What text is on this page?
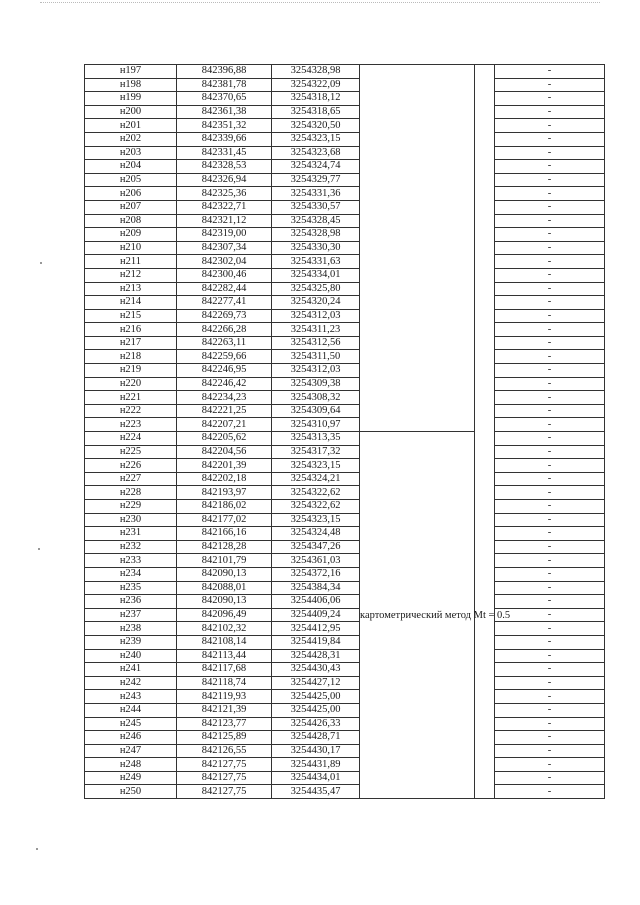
н197	842396,88	3254328,98			-
н198	842381,78	3254322,09			-
н199	842370,65	3254318,12			-
н200	842361,38	3254318,65			-
н201	842351,32	3254320,50			-
н202	842339,66	3254323,15			-
н203	842331,45	3254323,68			-
н204	842328,53	3254324,74			-
н205	842326,94	3254329,77			-
н206	842325,36	3254331,36			-
н207	842322,71	3254330,57			-
н208	842321,12	3254328,45			-
н209	842319,00	3254328,98			-
н210	842307,34	3254330,30			-
н211	842302,04	3254331,63			-
н212	842300,46	3254334,01			-
н213	842282,44	3254325,80			-
н214	842277,41	3254320,24			-
н215	842269,73	3254312,03			-
н216	842266,28	3254311,23			-
н217	842263,11	3254312,56			-
н218	842259,66	3254311,50			-
н219	842246,95	3254312,03			-
н220	842246,42	3254309,38			-
н221	842234,23	3254308,32			-
н222	842221,25	3254309,64			-
н223	842207,21	3254310,97			-
н224	842205,62	3254313,35	картометрический метод Mt = 0.5		-
н225	842204,56	3254317,32			-
н226	842201,39	3254323,15			-
н227	842202,18	3254324,21			-
н228	842193,97	3254322,62			-
н229	842186,02	3254322,62			-
н230	842177,02	3254323,15			-
н231	842166,16	3254324,48			-
н232	842128,28	3254347,26			-
н233	842101,79	3254361,03			-
н234	842090,13	3254372,16			-
н235	842088,01	3254384,34			-
н236	842090,13	3254406,06			-
н237	842096,49	3254409,24			-
н238	842102,32	3254412,95			-
н239	842108,14	3254419,84			-
н240	842113,44	3254428,31			-
н241	842117,68	3254430,43			-
н242	842118,74	3254427,12			-
н243	842119,93	3254425,00			-
н244	842121,39	3254425,00			-
н245	842123,77	3254426,33			-
н246	842125,89	3254428,71			-
н247	842126,55	3254430,17			-
н248	842127,75	3254431,89			-
н249	842127,75	3254434,01			-
н250	842127,75	3254435,47			-
